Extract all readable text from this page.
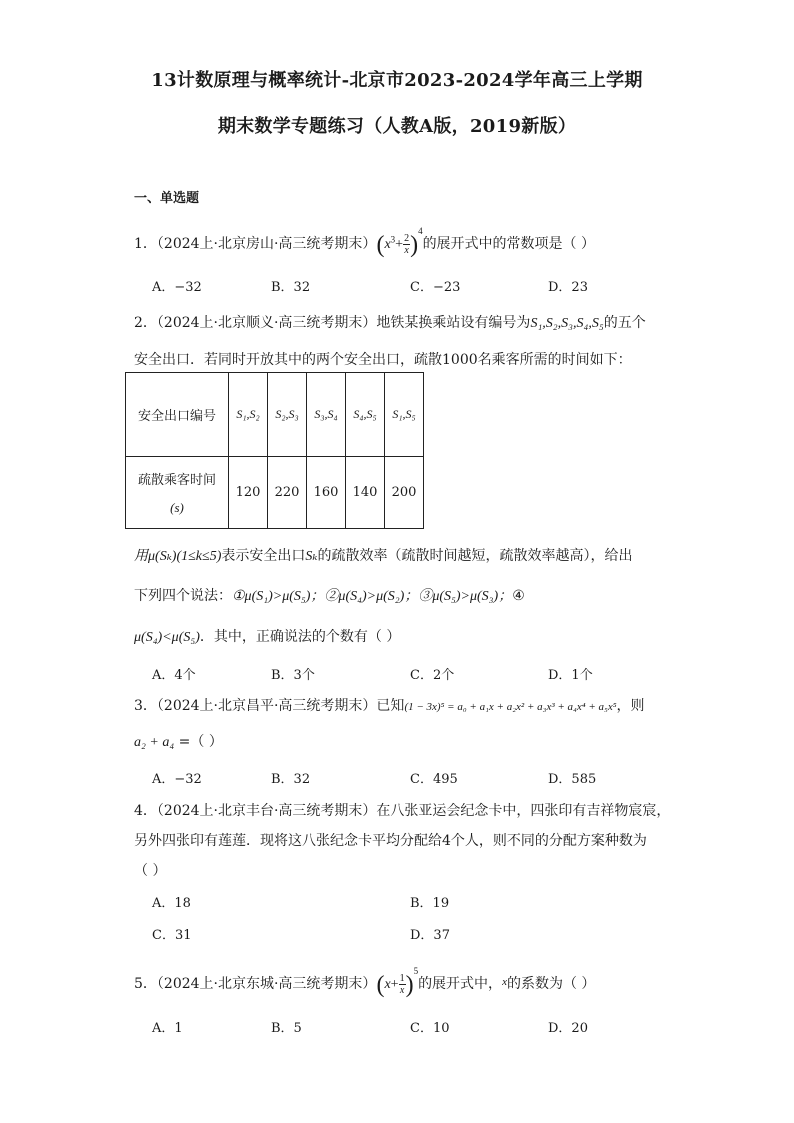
13计数原理与概率统计-北京市2023-2024学年高三上学期
期末数学专题练习（人教A版，2019新版）
一、单选题
1．（2024上·北京房山·高三统考期末）$(x^3+ \frac{2}{x} )^4$的展开式中的常数项是（ ）
A．−32	B．32	C．−23	D．23
2．（2024上·北京顺义·高三统考期末）地铁某换乘站设有编号为S₁,S₂,S₃,S₄,S₅的五个
安全出口．若同时开放其中的两个安全出口，疏散1000名乘客所需的时间如下：
安全出口编号	S₁,S₂	S₂,S₃	S₃,S₄	S₄,S₅	S₁,S₅

疏散乘客时间
(s)	120	220	160	140	200
用μ(Sₖ)(1≤k≤5)表示安全出口Sₖ的疏散效率（疏散时间越短，疏散效率越高），给出
下列四个说法：①μ(S₁)>μ(S₅)；②μ(S₄)>μ(S₂)；③μ(S₅)>μ(S₃)；④
μ(S₄)<μ(S₅)．其中，正确说法的个数有（ ）
A．4个	B．3个	C．2个	D．1个
3．（2024上·北京昌平·高三统考期末）已知(1 − 3x)⁵ = a₀ + a₁x + a₂x² + a₃x³ + a₄x⁴ + a₅x⁵，则
a₂ + a₄ =（ ）
A．−32	B．32	C．495	D．585
4．（2024上·北京丰台·高三统考期末）在八张亚运会纪念卡中，四张印有吉祥物宸宸，
另外四张印有莲莲．现将这八张纪念卡平均分配给4个人，则不同的分配方案种数为
（ ）
A．18	B．19
C．31	D．37
5．（2024上·北京东城·高三统考期末）$(x+ \frac{1}{x} )^5$的展开式中，$^x$的系数为（ ）
A．1	B．5	C．10	D．20
